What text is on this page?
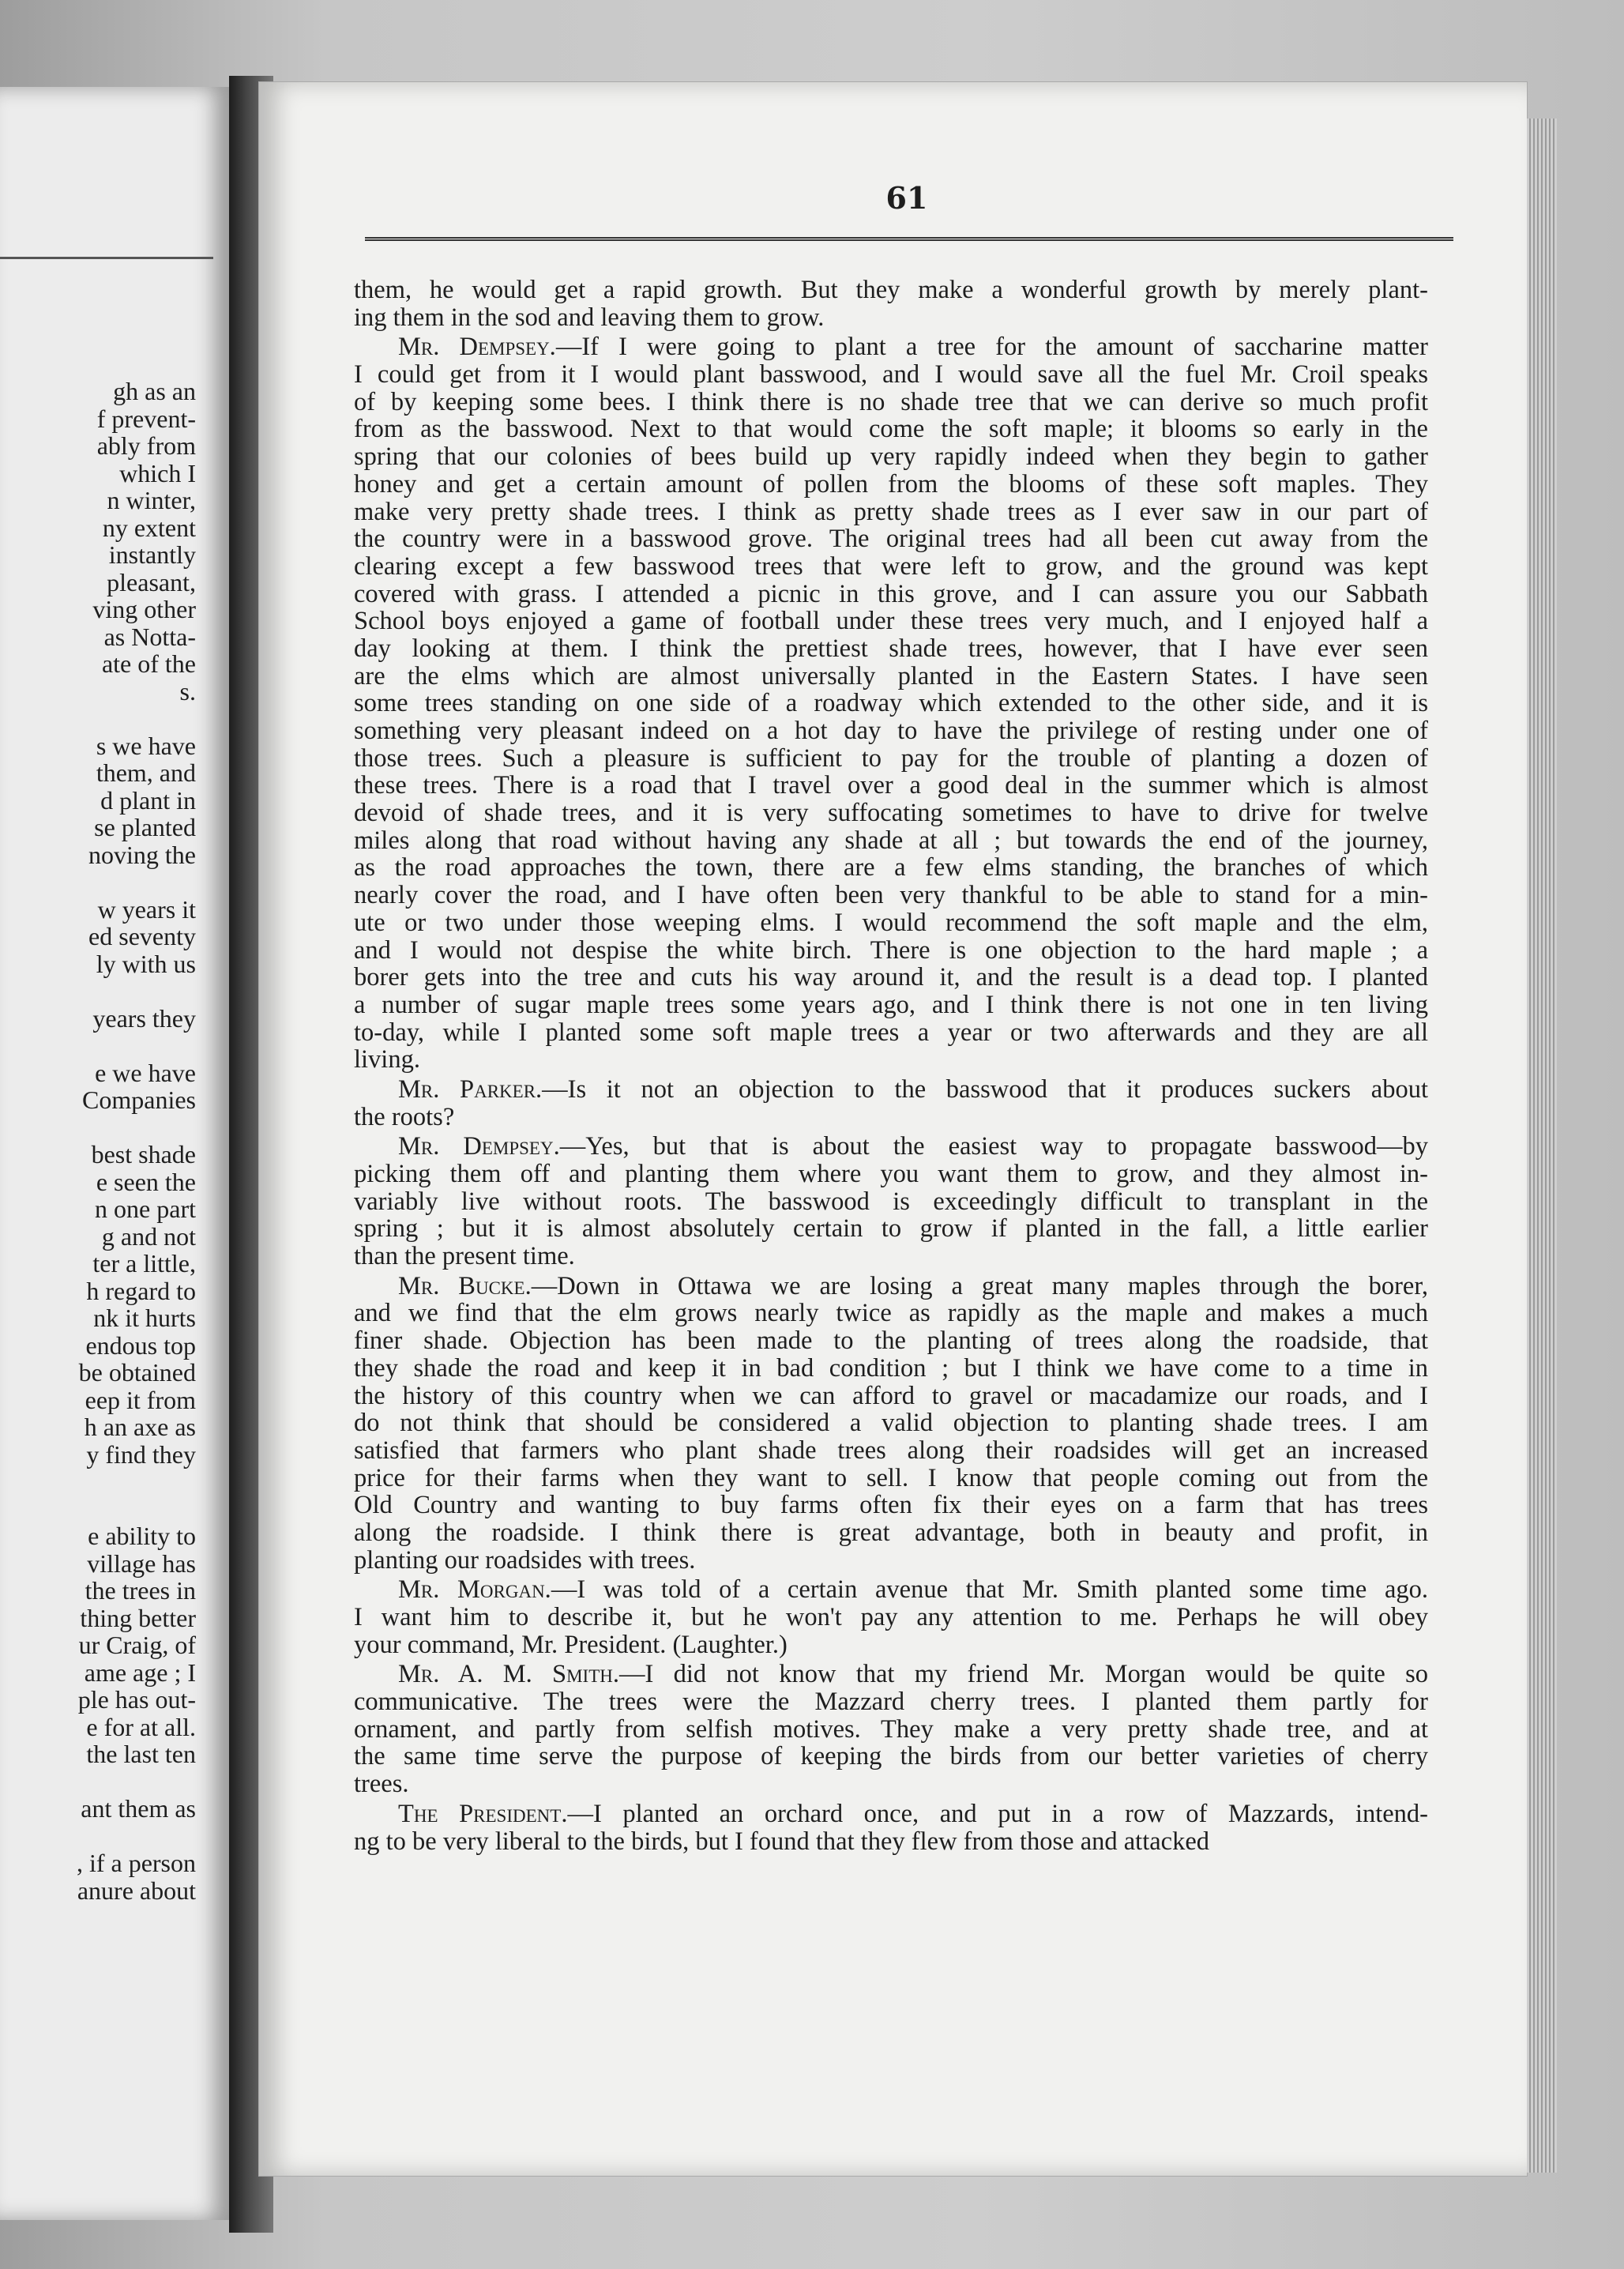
gh as an
f prevent-
ably from
which I
n winter,
ny extent
instantly
pleasant,
ving other
as Notta-
ate of the
s.
s we have
them, and
d plant in
se planted
noving the
w years it
ed seventy
ly with us
years they
e we have
Companies
best shade
e seen the
n one part
g and not
ter a little,
h regard to
nk it hurts
endous top
be obtained
eep it from
h an axe as
y find they
e ability to
village has
the trees in
thing better
ur Craig, of
ame age ; I
ple has out-
e for at all.
the last ten
ant them as
, if a person
anure about

61

them, he would get a rapid growth. But they make a wonderful growth by merely plant-
ing them in the sod and leaving them to grow.
Mr. Dempsey.—If I were going to plant a tree for the amount of saccharine matter
I could get from it I would plant basswood, and I would save all the fuel Mr. Croil speaks
of by keeping some bees. I think there is no shade tree that we can derive so much profit
from as the basswood. Next to that would come the soft maple; it blooms so early in the
spring that our colonies of bees build up very rapidly indeed when they begin to gather
honey and get a certain amount of pollen from the blooms of these soft maples. They
make very pretty shade trees. I think as pretty shade trees as I ever saw in our part of
the country were in a basswood grove. The original trees had all been cut away from the
clearing except a few basswood trees that were left to grow, and the ground was kept
covered with grass. I attended a picnic in this grove, and I can assure you our Sabbath
School boys enjoyed a game of football under these trees very much, and I enjoyed half a
day looking at them. I think the prettiest shade trees, however, that I have ever seen
are the elms which are almost universally planted in the Eastern States. I have seen
some trees standing on one side of a roadway which extended to the other side, and it is
something very pleasant indeed on a hot day to have the privilege of resting under one of
those trees. Such a pleasure is sufficient to pay for the trouble of planting a dozen of
these trees. There is a road that I travel over a good deal in the summer which is almost
devoid of shade trees, and it is very suffocating sometimes to have to drive for twelve
miles along that road without having any shade at all ; but towards the end of the journey,
as the road approaches the town, there are a few elms standing, the branches of which
nearly cover the road, and I have often been very thankful to be able to stand for a min-
ute or two under those weeping elms. I would recommend the soft maple and the elm,
and I would not despise the white birch. There is one objection to the hard maple ; a
borer gets into the tree and cuts his way around it, and the result is a dead top. I planted
a number of sugar maple trees some years ago, and I think there is not one in ten living
to-day, while I planted some soft maple trees a year or two afterwards and they are all
living.
Mr. Parker.—Is it not an objection to the basswood that it produces suckers about
the roots?
Mr. Dempsey.—Yes, but that is about the easiest way to propagate basswood—by
picking them off and planting them where you want them to grow, and they almost in-
variably live without roots. The basswood is exceedingly difficult to transplant in the
spring ; but it is almost absolutely certain to grow if planted in the fall, a little earlier
than the present time.
Mr. Bucke.—Down in Ottawa we are losing a great many maples through the borer,
and we find that the elm grows nearly twice as rapidly as the maple and makes a much
finer shade. Objection has been made to the planting of trees along the roadside, that
they shade the road and keep it in bad condition ; but I think we have come to a time in
the history of this country when we can afford to gravel or macadamize our roads, and I
do not think that should be considered a valid objection to planting shade trees. I am
satisfied that farmers who plant shade trees along their roadsides will get an increased
price for their farms when they want to sell. I know that people coming out from the
Old Country and wanting to buy farms often fix their eyes on a farm that has trees
along the roadside. I think there is great advantage, both in beauty and profit, in
planting our roadsides with trees.
Mr. Morgan.—I was told of a certain avenue that Mr. Smith planted some time ago.
I want him to describe it, but he won't pay any attention to me. Perhaps he will obey
your command, Mr. President. (Laughter.)
Mr. A. M. Smith.—I did not know that my friend Mr. Morgan would be quite so
communicative. The trees were the Mazzard cherry trees. I planted them partly for
ornament, and partly from selfish motives. They make a very pretty shade tree, and at
the same time serve the purpose of keeping the birds from our better varieties of cherry
trees.
The President.—I planted an orchard once, and put in a row of Mazzards, intend-
ng to be very liberal to the birds, but I found that they flew from those and attacked
